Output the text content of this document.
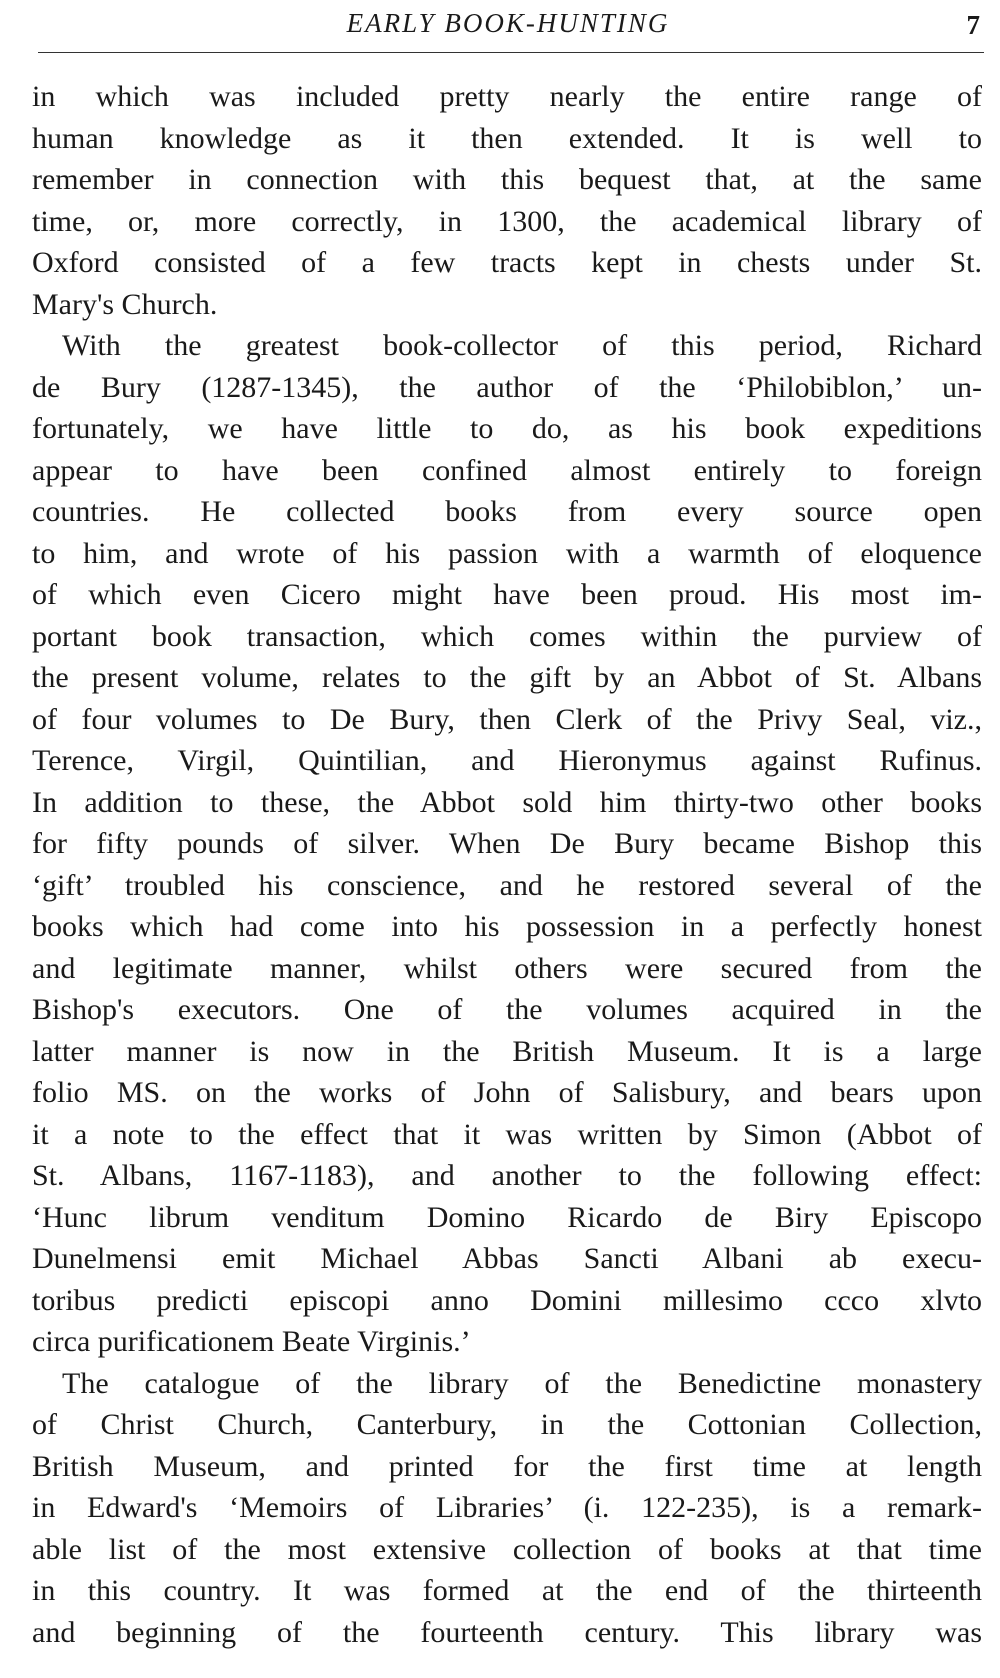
EARLY BOOK-HUNTING	7
in which was included pretty nearly the entire range of
human knowledge as it then extended. It is well to
remember in connection with this bequest that, at the same
time, or, more correctly, in 1300, the academical library of
Oxford consisted of a few tracts kept in chests under St.
Mary's Church.
With the greatest book-collector of this period, Richard
de Bury (1287-1345), the author of the ‘Philobiblon,’ un-
fortunately, we have little to do, as his book expeditions
appear to have been confined almost entirely to foreign
countries. He collected books from every source open
to him, and wrote of his passion with a warmth of eloquence
of which even Cicero might have been proud. His most im-
portant book transaction, which comes within the purview of
the present volume, relates to the gift by an Abbot of St. Albans
of four volumes to De Bury, then Clerk of the Privy Seal, viz.,
Terence, Virgil, Quintilian, and Hieronymus against Rufinus.
In addition to these, the Abbot sold him thirty-two other books
for fifty pounds of silver. When De Bury became Bishop this
‘gift’ troubled his conscience, and he restored several of the
books which had come into his possession in a perfectly honest
and legitimate manner, whilst others were secured from the
Bishop's executors. One of the volumes acquired in the
latter manner is now in the British Museum. It is a large
folio MS. on the works of John of Salisbury, and bears upon
it a note to the effect that it was written by Simon (Abbot of
St. Albans, 1167-1183), and another to the following effect:
‘Hunc librum venditum Domino Ricardo de Biry Episcopo
Dunelmensi emit Michael Abbas Sancti Albani ab execu-
toribus predicti episcopi anno Domini millesimo ccco xlvto
circa purificationem Beate Virginis.’
The catalogue of the library of the Benedictine monastery
of Christ Church, Canterbury, in the Cottonian Collection,
British Museum, and printed for the first time at length
in Edward's ‘Memoirs of Libraries’ (i. 122-235), is a remark-
able list of the most extensive collection of books at that time
in this country. It was formed at the end of the thirteenth
and beginning of the fourteenth century. This library was
